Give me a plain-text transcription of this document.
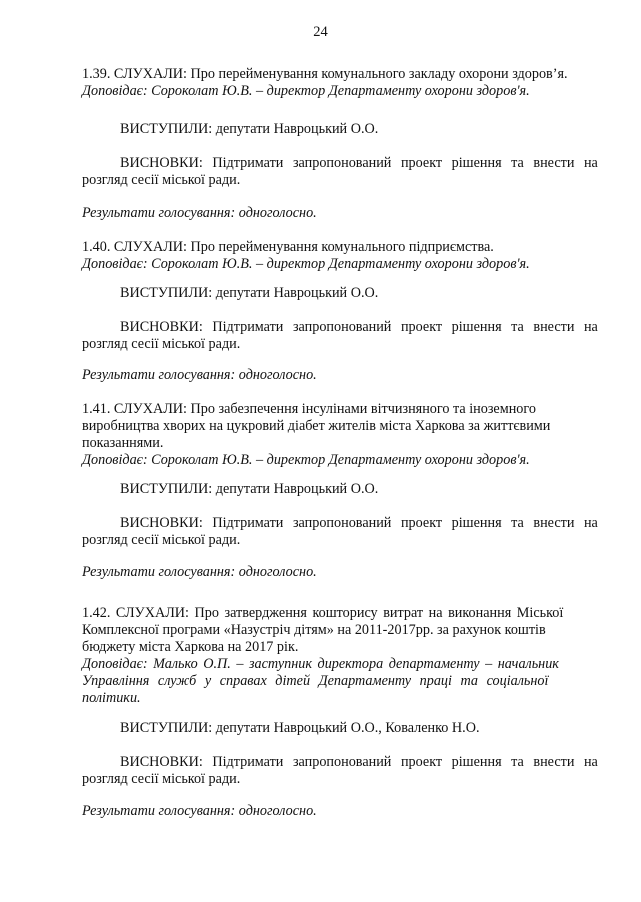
24
1.39. СЛУХАЛИ: Про перейменування комунального закладу охорони здоров’я.
Доповідає: Сороколат Ю.В. – директор Департаменту охорони здоров'я.
ВИСТУПИЛИ: депутати Навроцький О.О.
ВИСНОВКИ: Підтримати запропонований проект рішення та внести на
розгляд сесії міської ради.
Результати голосування: одноголосно.
1.40. СЛУХАЛИ: Про перейменування комунального підприємства.
Доповідає: Сороколат Ю.В. – директор Департаменту охорони здоров'я.
ВИСТУПИЛИ: депутати Навроцький О.О.
ВИСНОВКИ: Підтримати запропонований проект рішення та внести на
розгляд сесії міської ради.
Результати голосування: одноголосно.
1.41. СЛУХАЛИ: Про забезпечення інсулінами вітчизняного та іноземного
виробництва хворих на цукровий діабет жителів міста Харкова за життєвими
показаннями.
Доповідає: Сороколат Ю.В. – директор Департаменту охорони здоров'я.
ВИСТУПИЛИ: депутати Навроцький О.О.
ВИСНОВКИ: Підтримати запропонований проект рішення та внести на
розгляд сесії міської ради.
Результати голосування: одноголосно.
1.42. СЛУХАЛИ: Про затвердження кошторису витрат на виконання Міської
Комплексної програми «Назустріч дітям» на 2011-2017рр. за рахунок коштів
бюджету міста Харкова на 2017 рік.
Доповідає: Малько О.П. – заступник директора департаменту – начальник
Управління служб у справах дітей Департаменту праці та соціальної
політики.
ВИСТУПИЛИ: депутати Навроцький О.О., Коваленко Н.О.
ВИСНОВКИ: Підтримати запропонований проект рішення та внести на
розгляд сесії міської ради.
Результати голосування: одноголосно.
